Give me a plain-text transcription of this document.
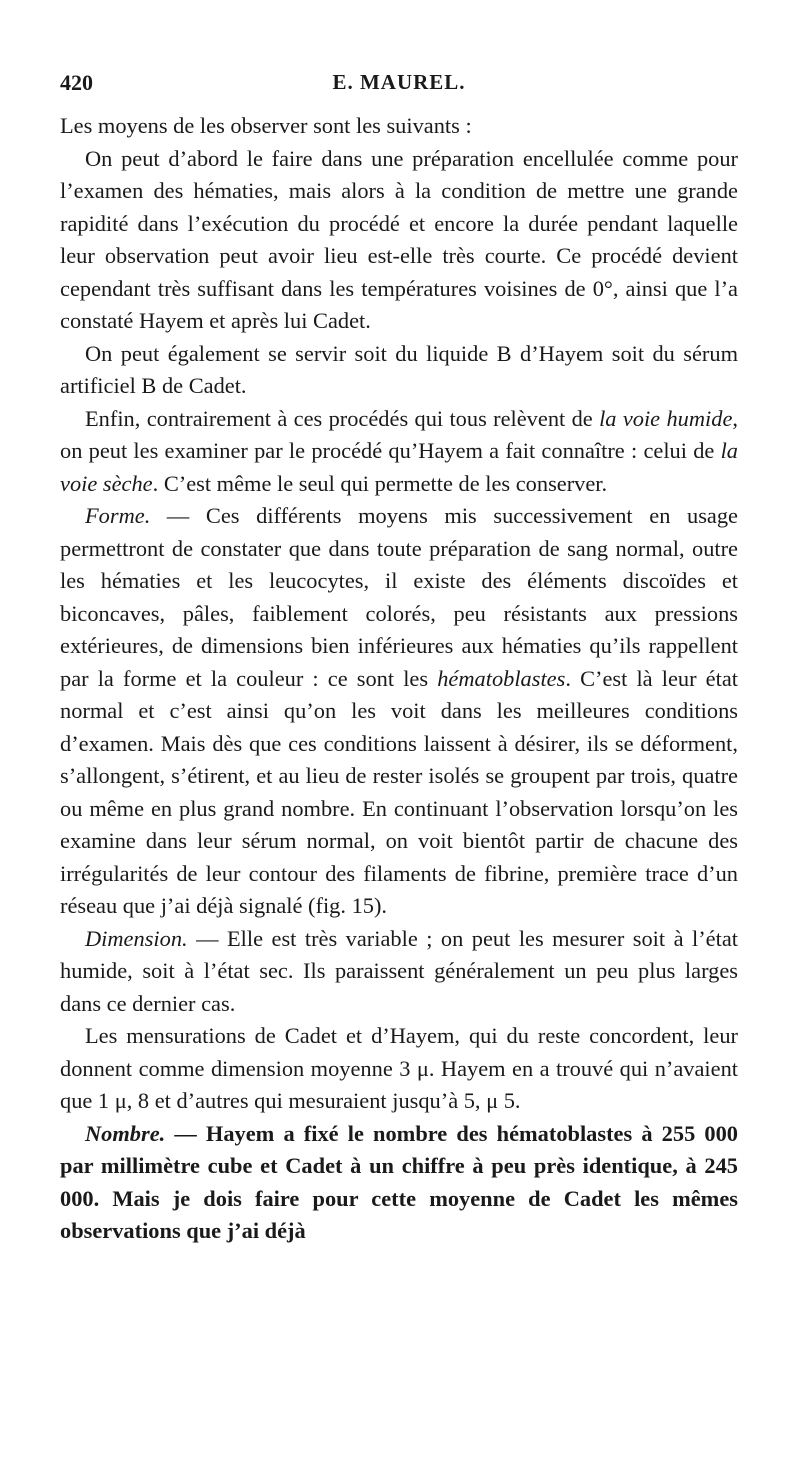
420	E. MAUREL.

Les moyens de les observer sont les suivants :

On peut d’abord le faire dans une préparation encellulée comme pour l’examen des hématies, mais alors à la condition de mettre une grande rapidité dans l’exécution du procédé et encore la durée pendant laquelle leur observation peut avoir lieu est-elle très courte. Ce procédé devient cependant très suffisant dans les températures voisines de 0°, ainsi que l’a constaté Hayem et après lui Cadet.

On peut également se servir soit du liquide B d’Hayem soit du sérum artificiel B de Cadet.

Enfin, contrairement à ces procédés qui tous relèvent de la voie humide, on peut les examiner par le procédé qu’Hayem a fait connaître : celui de la voie sèche. C’est même le seul qui permette de les conserver.

Forme. — Ces différents moyens mis successivement en usage permettront de constater que dans toute préparation de sang normal, outre les hématies et les leucocytes, il existe des éléments discoïdes et biconcaves, pâles, faiblement colorés, peu résistants aux pressions extérieures, de dimensions bien inférieures aux hématies qu’ils rappellent par la forme et la couleur : ce sont les hématoblastes. C’est là leur état normal et c’est ainsi qu’on les voit dans les meilleures conditions d’examen. Mais dès que ces conditions laissent à désirer, ils se déforment, s’allongent, s’étirent, et au lieu de rester isolés se groupent par trois, quatre ou même en plus grand nombre. En continuant l’observation lorsqu’on les examine dans leur sérum normal, on voit bientôt partir de chacune des irrégularités de leur contour des filaments de fibrine, première trace d’un réseau que j’ai déjà signalé (fig. 15).

Dimension. — Elle est très variable ; on peut les mesurer soit à l’état humide, soit à l’état sec. Ils paraissent généralement un peu plus larges dans ce dernier cas.

Les mensurations de Cadet et d’Hayem, qui du reste concordent, leur donnent comme dimension moyenne 3 μ. Hayem en a trouvé qui n’avaient que 1 μ, 8 et d’autres qui mesuraient jusqu’à 5, μ 5.

Nombre. — Hayem a fixé le nombre des hématoblastes à 255 000 par millimètre cube et Cadet à un chiffre à peu près identique, à 245 000. Mais je dois faire pour cette moyenne de Cadet les mêmes observations que j’ai déjà
